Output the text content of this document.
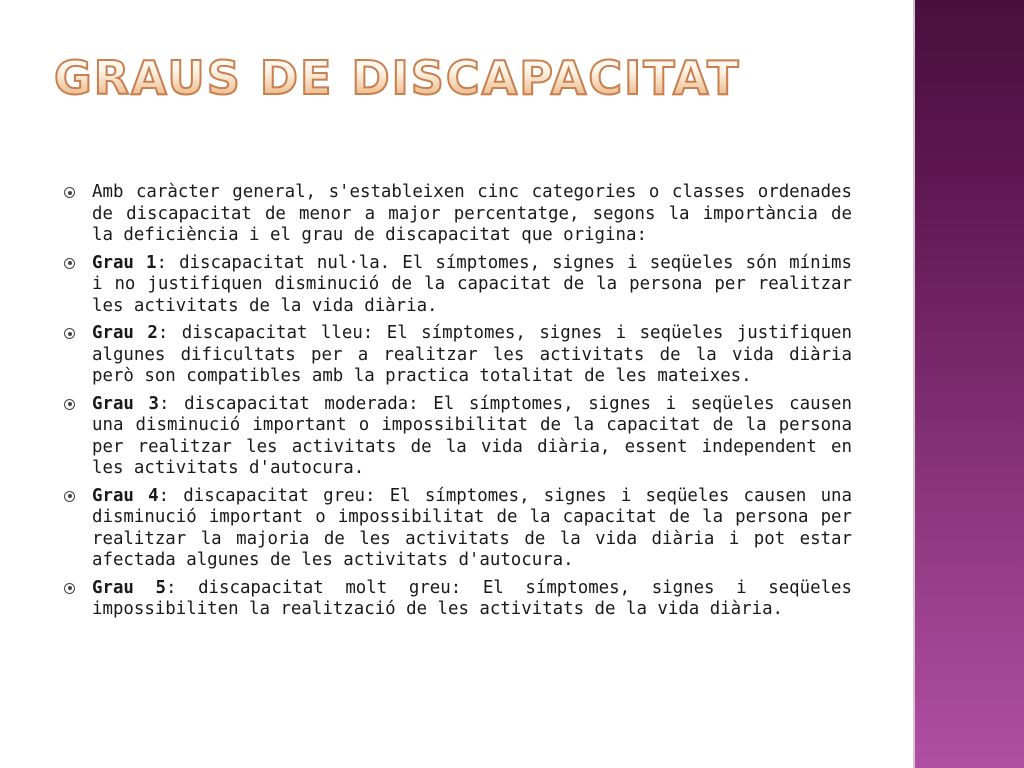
GRAUS DE DISCAPACITAT
Amb caràcter general, s'estableixen cinc categories o classes ordenades de discapacitat de menor a major percentatge, segons la importància de la deficiència i el grau de discapacitat que origina:
Grau 1: discapacitat nul·la. El símptomes, signes i seqüeles són mínims i no justifiquen disminució de la capacitat de la persona per realitzar les activitats de la vida diària.
Grau 2: discapacitat lleu: El símptomes, signes i seqüeles justifiquen algunes dificultats per a realitzar les activitats de la vida diària però son compatibles amb la practica totalitat de les mateixes.
Grau 3: discapacitat moderada: El símptomes, signes i seqüeles causen una disminució important o impossibilitat de la capacitat de la persona per realitzar les activitats de la vida diària, essent independent en les activitats d'autocura.
Grau 4: discapacitat greu: El símptomes, signes i seqüeles causen una disminució important o impossibilitat de la capacitat de la persona per realitzar la majoria de les activitats de la vida diària i pot estar afectada algunes de les activitats d'autocura.
Grau 5: discapacitat molt greu: El símptomes, signes i seqüeles impossibiliten la realització de les activitats de la vida diària.
